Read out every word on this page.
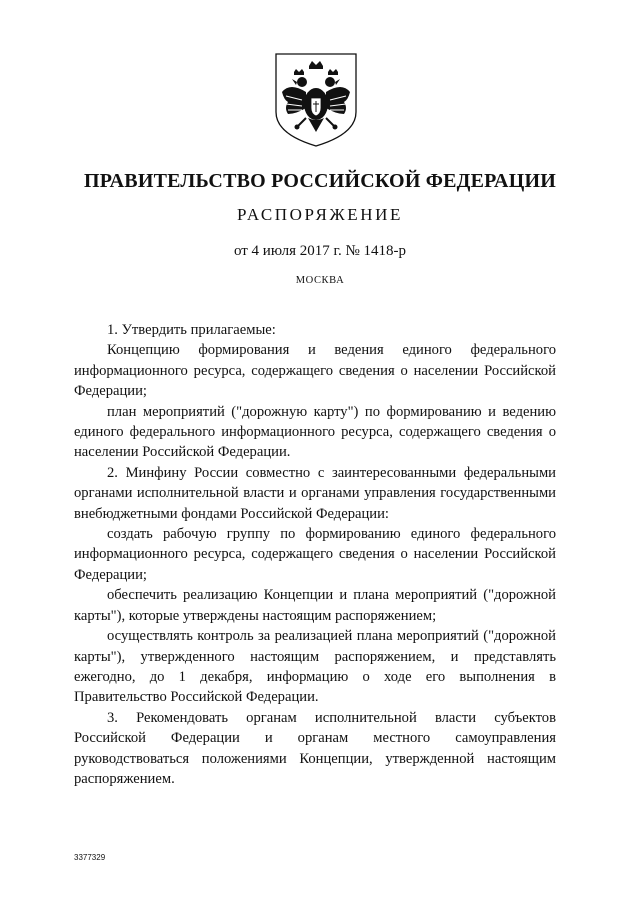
ПРАВИТЕЛЬСТВО РОССИЙСКОЙ ФЕДЕРАЦИИ
РАСПОРЯЖЕНИЕ
от 4 июля 2017 г. № 1418-р
МОСКВА

1. Утвердить прилагаемые:

Концепцию формирования и ведения единого федерального информационного ресурса, содержащего сведения о населении Российской Федерации;

план мероприятий ("дорожную карту") по формированию и ведению единого федерального информационного ресурса, содержащего сведения о населении Российской Федерации.

2. Минфину России совместно с заинтересованными федеральными органами исполнительной власти и органами управления государственными внебюджетными фондами Российской Федерации:

создать рабочую группу по формированию единого федерального информационного ресурса, содержащего сведения о населении Российской Федерации;

обеспечить реализацию Концепции и плана мероприятий ("дорожной карты"), которые утверждены настоящим распоряжением;

осуществлять контроль за реализацией плана мероприятий ("дорожной карты"), утвержденного настоящим распоряжением, и представлять ежегодно, до 1 декабря, информацию о ходе его выполнения в Правительство Российской Федерации.

3. Рекомендовать органам исполнительной власти субъектов Российской Федерации и органам местного самоуправления руководствоваться положениями Концепции, утвержденной настоящим распоряжением.

3377329
